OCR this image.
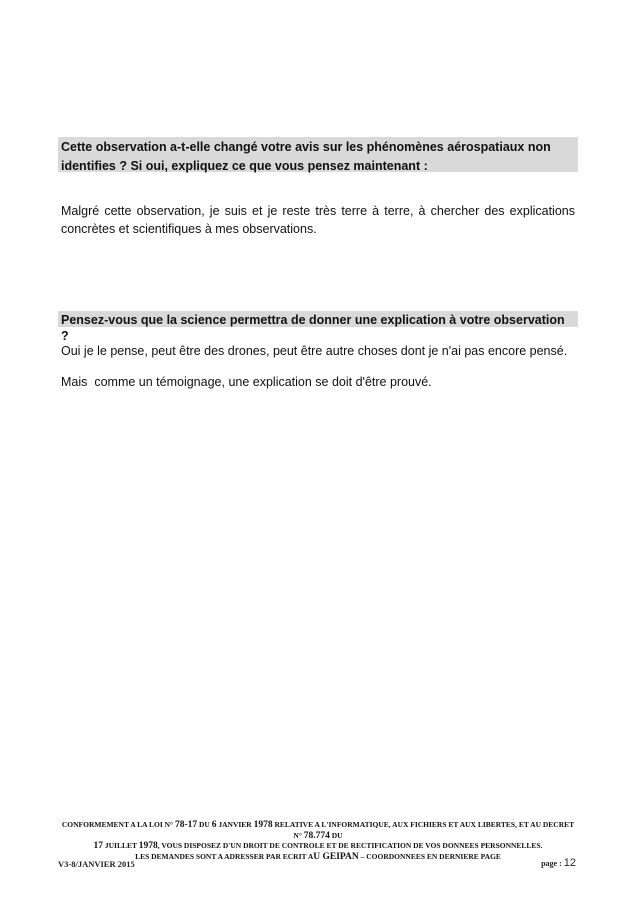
Cette observation a-t-elle changé votre avis sur les phénomènes aérospatiaux non identifies ? Si oui, expliquez ce que vous pensez maintenant :

Malgré cette observation, je suis et je reste très terre à terre, à chercher des explications concrètes et scientifiques à mes observations.

Pensez-vous que la science permettra de donner une explication à votre observation ?

Oui je le pense, peut être des drones, peut être autre choses dont je n'ai pas encore pensé.

Mais  comme un témoignage, une explication se doit d'être prouvé.

CONFORMEMENT A LA LOI N° 78-17 DU 6 JANVIER 1978 RELATIVE A L'INFORMATIQUE, AUX FICHIERS ET AUX LIBERTES, ET AU DECRET N° 78.774 DU
17 JUILLET 1978, VOUS DISPOSEZ D'UN DROIT DE CONTROLE ET DE RECTIFICATION DE VOS DONNEES PERSONNELLES.
LES DEMANDES SONT A ADRESSER PAR ECRIT AU GEIPAN – COORDONNEES EN DERNIERE PAGE
V3-8/JANVIER 2015	page : 12
